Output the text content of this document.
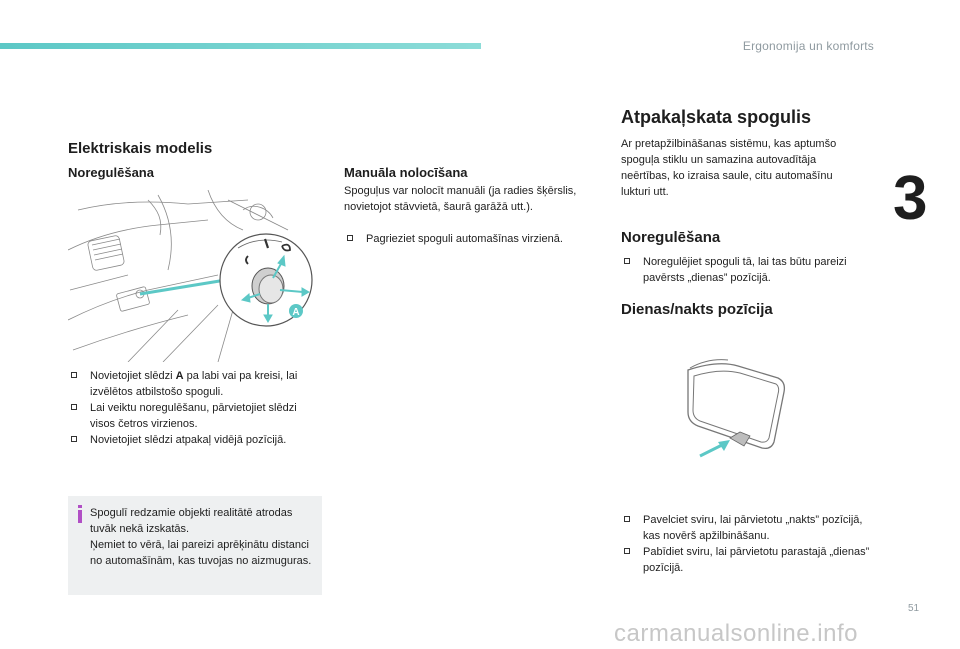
Ergonomija un komforts
3
Elektriskais modelis
Noregulēšana
A
Novietojiet slēdzi A pa labi vai pa kreisi, lai izvēlētos atbilstošo spoguli.
Lai veiktu noregulēšanu, pārvietojiet slēdzi visos četros virzienos.
Novietojiet slēdzi atpakaļ vidējā pozīcijā.
Spogulī redzamie objekti realitātē atrodas tuvāk nekā izskatās.
Ņemiet to vērā, lai pareizi aprēķinātu distanci no automašīnām, kas tuvojas no aizmuguras.
Manuāla nolocīšana
Spoguļus var nolocīt manuāli (ja radies šķērslis, novietojot stāvvietā, šaurā garāžā utt.).
Pagrieziet spoguli automašīnas virzienā.
Atpakaļskata spogulis
Ar pretapžilbināšanas sistēmu, kas aptumšo spoguļa stiklu un samazina autovadītāja neērtības, ko izraisa saule, citu automašīnu lukturi utt.
Noregulēšana
Noregulējiet spoguli tā, lai tas būtu pareizi pavērsts „dienas” pozīcijā.
Dienas/nakts pozīcija
Pavelciet sviru, lai pārvietotu „nakts” pozīcijā, kas novērš apžilbināšanu.
Pabīdiet sviru, lai pārvietotu parastajā „dienas” pozīcijā.
51
carmanualsonline.info
